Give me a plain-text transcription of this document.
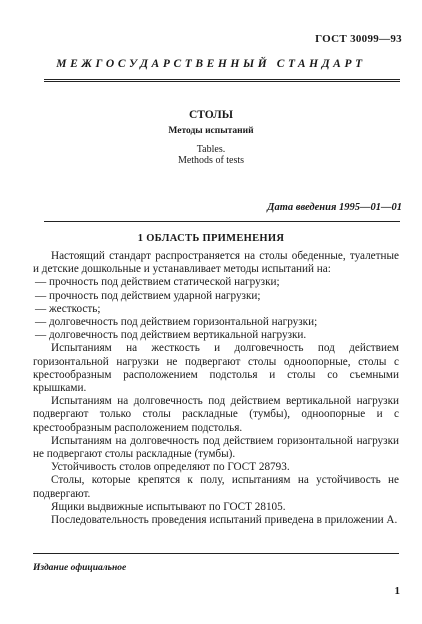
ГОСТ 30099—93
МЕЖГОСУДАРСТВЕННЫЙ СТАНДАРТ
СТОЛЫ
Методы испытаний
Tables.
Methods of tests
Дата введения 1995—01—01
1 ОБЛАСТЬ ПРИМЕНЕНИЯ

Настоящий стандарт распространяется на столы обеденные, туалетные и детские дошкольные и устанавливает методы испытаний на:

— прочность под действием статической нагрузки;

— прочность под действием ударной нагрузки;

— жесткость;

— долговечность под действием горизонтальной нагрузки;

— долговечность под действием вертикальной нагрузки.

Испытаниям на жесткость и долговечность под действием горизонтальной нагрузки не подвергают столы одноопорные, столы с крестообразным расположением подстолья и столы со съемными крышками.

Испытаниям на долговечность под действием вертикальной нагрузки подвергают только столы раскладные (тумбы), одноопорные и с крестообразным расположением подстолья.

Испытаниям на долговечность под действием горизонтальной нагрузки не подвергают столы раскладные (тумбы).

Устойчивость столов определяют по ГОСТ 28793.

Столы, которые крепятся к полу, испытаниям на устойчивость не подвергают.

Ящики выдвижные испытывают по ГОСТ 28105.

Последовательность проведения испытаний приведена в приложении А.

Издание официальное
1
